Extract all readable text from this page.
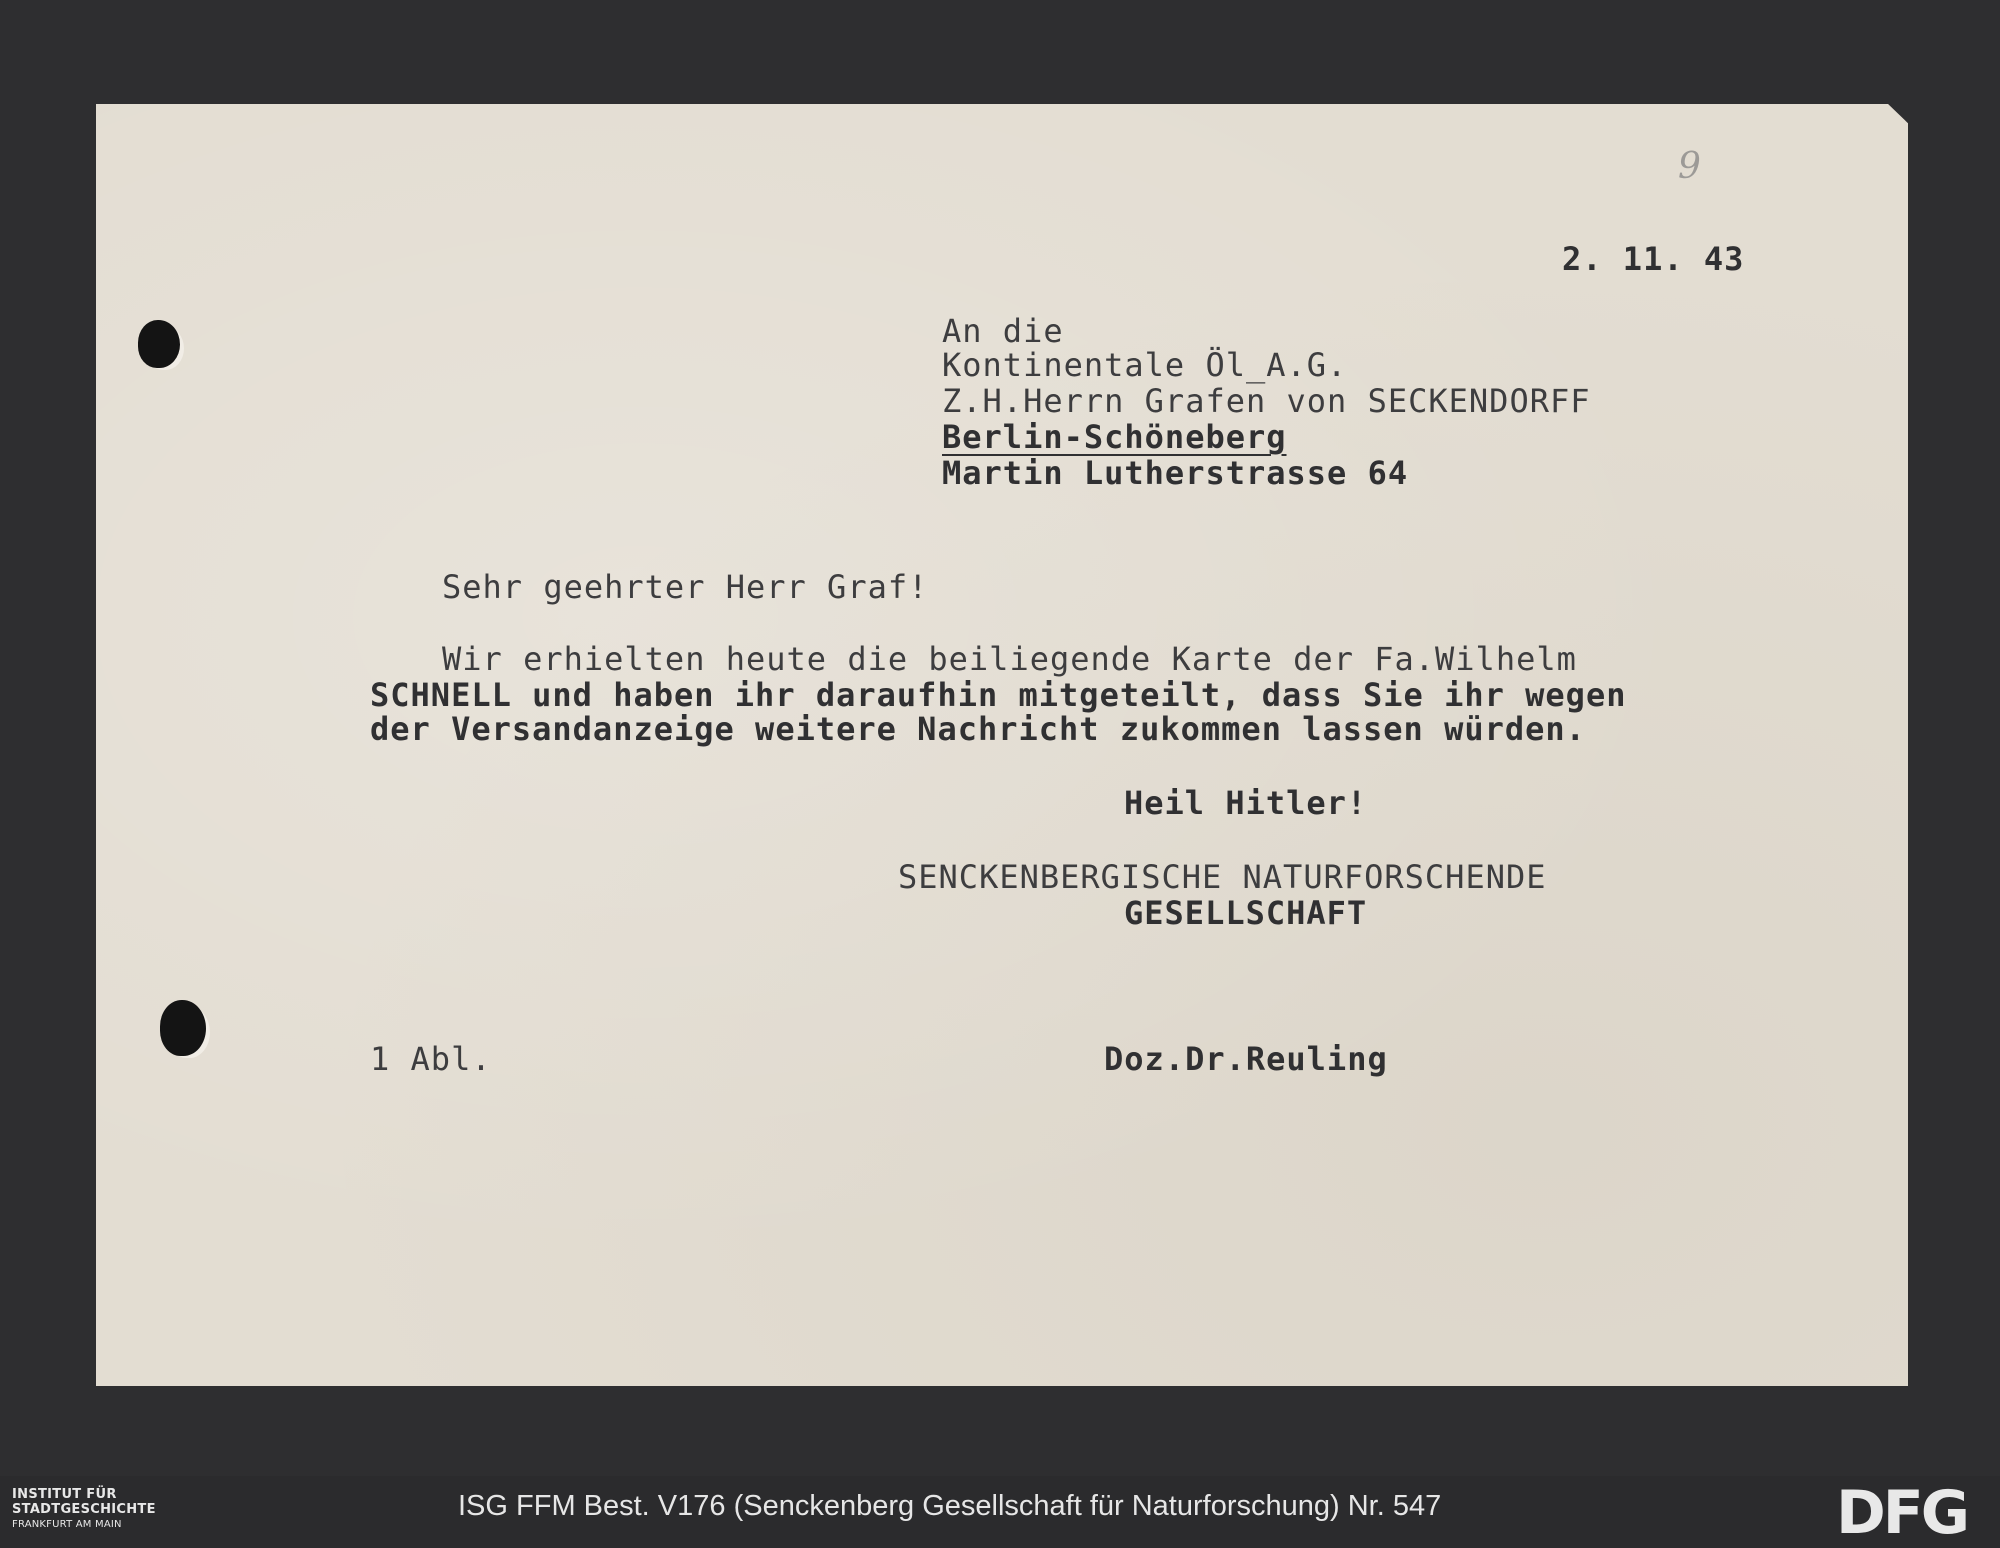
9
2. 11. 43
An die
Kontinentale Öl_A.G.
Z.H.Herrn Grafen von SECKENDORFF
Berlin-Schöneberg
Martin Lutherstrasse 64
Sehr geehrter Herr Graf!
Wir erhielten heute die beiliegende Karte der Fa.Wilhelm
SCHNELL und haben ihr daraufhin mitgeteilt, dass Sie ihr wegen
der Versandanzeige weitere Nachricht zukommen lassen würden.
Heil Hitler!
SENCKENBERGISCHE NATURFORSCHENDE
GESELLSCHAFT
1 Abl.	Doz.Dr.Reuling
INSTITUT FÜR
STADTGESCHICHTE
FRANKFURT AM MAIN
ISG FFM Best. V176 (Senckenberg Gesellschaft für Naturforschung) Nr. 547	DFG
